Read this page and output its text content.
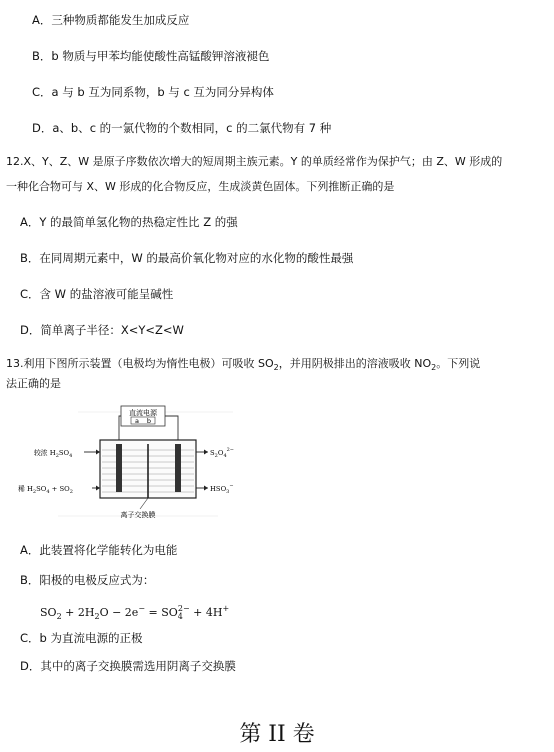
A．三种物质都能发生加成反应
B．b 物质与甲苯均能使酸性高锰酸钾溶液褪色
C．a 与 b 互为同系物，b 与 c 互为同分异构体
D．a、b、c 的一氯代物的个数相同，c 的二氯代物有 7 种
12.X、Y、Z、W 是原子序数依次增大的短周期主族元素。Y 的单质经常作为保护气；由 Z、W 形成的
一种化合物可与 X、W 形成的化合物反应，生成淡黄色固体。下列推断正确的是
A．Y 的最简单氢化物的热稳定性比 Z 的强
B．在同周期元素中，W 的最高价氧化物对应的水化物的酸性最强
C．含 W 的盐溶液可能呈碱性
D．简单离子半径：X<Y<Z<W
13.利用下图所示装置（电极均为惰性电极）可吸收 $SO_2$，并用阴极排出的溶液吸收 $NO_2$。下列说
法正确的是
直流电源
a b
较浓 $H_2SO_4$
稀 $H_2SO_4 + SO_2$
$S_2O_4^{2-}$
$HSO_3^-$
离子交换膜
A．此装置将化学能转化为电能
B．阳极的电极反应式为：
$SO_2 + 2H_2O - 2e^- = SO_4^{2-} + 4H^+$
C．b 为直流电源的正极
D．其中的离子交换膜需选用阴离子交换膜
第 II 卷
